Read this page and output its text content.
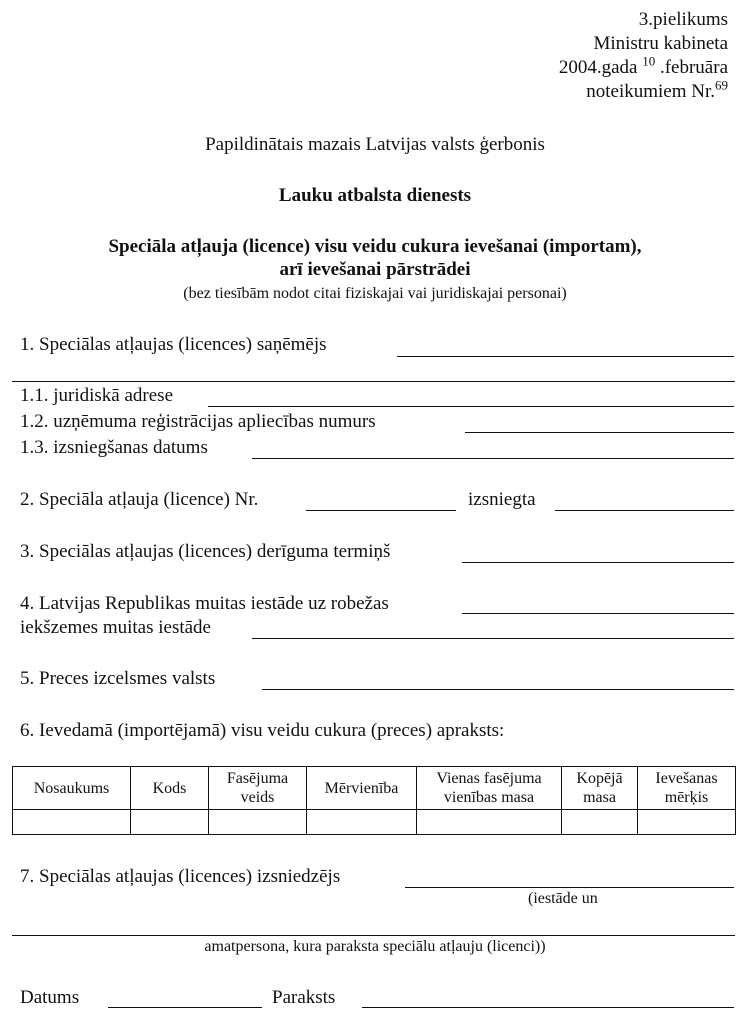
3.pielikums
Ministru kabineta
2004.gada $^{10}$ .februāra
noteikumiem Nr.$^{69}$
Papildinātais mazais Latvijas valsts ģerbonis
Lauku atbalsta dienests
Speciāla atļauja (licence) visu veidu cukura ievešanai (importam),
arī ievešanai pārstrādei
(bez tiesībām nodot citai fiziskajai vai juridiskajai personai)
1. Speciālas atļaujas (licences) saņēmējs
1.1. juridiskā adrese
1.2. uzņēmuma reģistrācijas apliecības numurs
1.3. izsniegšanas datums
2. Speciāla atļauja (licence) Nr.	izsniegta
3. Speciālas atļaujas (licences) derīguma termiņš
4. Latvijas Republikas muitas iestāde uz robežas
iekšzemes muitas iestāde
5. Preces izcelsmes valsts
6. Ievedamā (importējamā) visu veidu cukura (preces) apraksts:
Nosaukums	Kods	Fasējuma veids	Mērvienība	Vienas fasējuma vienības masa	Kopējā masa	Ievešanas mērķis

7. Speciālas atļaujas (licences) izsniedzējs
(iestāde un
amatpersona, kura paraksta speciālu atļauju (licenci))
Datums	Paraksts
